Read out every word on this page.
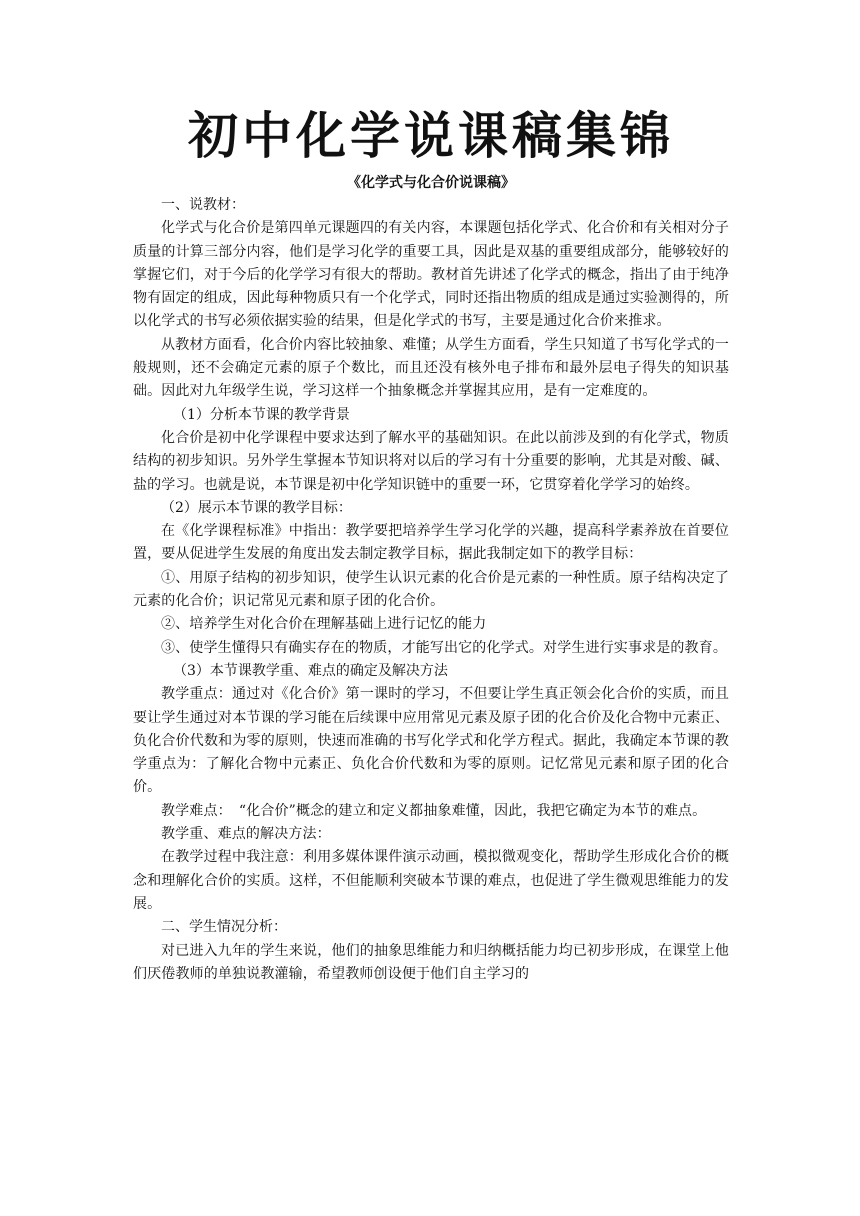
初中化学说课稿集锦

《化学式与化合价说课稿》

一、说教材：

化学式与化合价是第四单元课题四的有关内容，本课题包括化学式、化合价和有关相对分子质量的计算三部分内容，他们是学习化学的重要工具，因此是双基的重要组成部分，能够较好的掌握它们，对于今后的化学学习有很大的帮助。教材首先讲述了化学式的概念，指出了由于纯净物有固定的组成，因此每种物质只有一个化学式，同时还指出物质的组成是通过实验测得的，所以化学式的书写必须依据实验的结果，但是化学式的书写，主要是通过化合价来推求。

从教材方面看，化合价内容比较抽象、难懂；从学生方面看，学生只知道了书写化学式的一般规则，还不会确定元素的原子个数比，而且还没有核外电子排布和最外层电子得失的知识基础。因此对九年级学生说，学习这样一个抽象概念并掌握其应用，是有一定难度的。

（1）分析本节课的教学背景

化合价是初中化学课程中要求达到了解水平的基础知识。在此以前涉及到的有化学式，物质结构的初步知识。另外学生掌握本节知识将对以后的学习有十分重要的影响，尤其是对酸、碱、盐的学习。也就是说，本节课是初中化学知识链中的重要一环，它贯穿着化学学习的始终。

（2）展示本节课的教学目标：

在《化学课程标准》中指出：教学要把培养学生学习化学的兴趣，提高科学素养放在首要位置，要从促进学生发展的角度出发去制定教学目标，据此我制定如下的教学目标：

①、用原子结构的初步知识，使学生认识元素的化合价是元素的一种性质。原子结构决定了元素的化合价；识记常见元素和原子团的化合价。

②、培养学生对化合价在理解基础上进行记忆的能力

③、使学生懂得只有确实存在的物质，才能写出它的化学式。对学生进行实事求是的教育。

（3）本节课教学重、难点的确定及解决方法

教学重点：通过对《化合价》第一课时的学习，不但要让学生真正领会化合价的实质，而且要让学生通过对本节课的学习能在后续课中应用常见元素及原子团的化合价及化合物中元素正、负化合价代数和为零的原则，快速而准确的书写化学式和化学方程式。据此，我确定本节课的教学重点为：了解化合物中元素正、负化合价代数和为零的原则。记忆常见元素和原子团的化合价。

教学难点：　“化合价”概念的建立和定义都抽象难懂，因此，我把它确定为本节的难点。

教学重、难点的解决方法：

在教学过程中我注意：利用多媒体课件演示动画，模拟微观变化，帮助学生形成化合价的概念和理解化合价的实质。这样，不但能顺利突破本节课的难点，也促进了学生微观思维能力的发展。

二、学生情况分析：

对已进入九年的学生来说，他们的抽象思维能力和归纳概括能力均已初步形成，在课堂上他们厌倦教师的单独说教灌输，希望教师创设便于他们自主学习的
